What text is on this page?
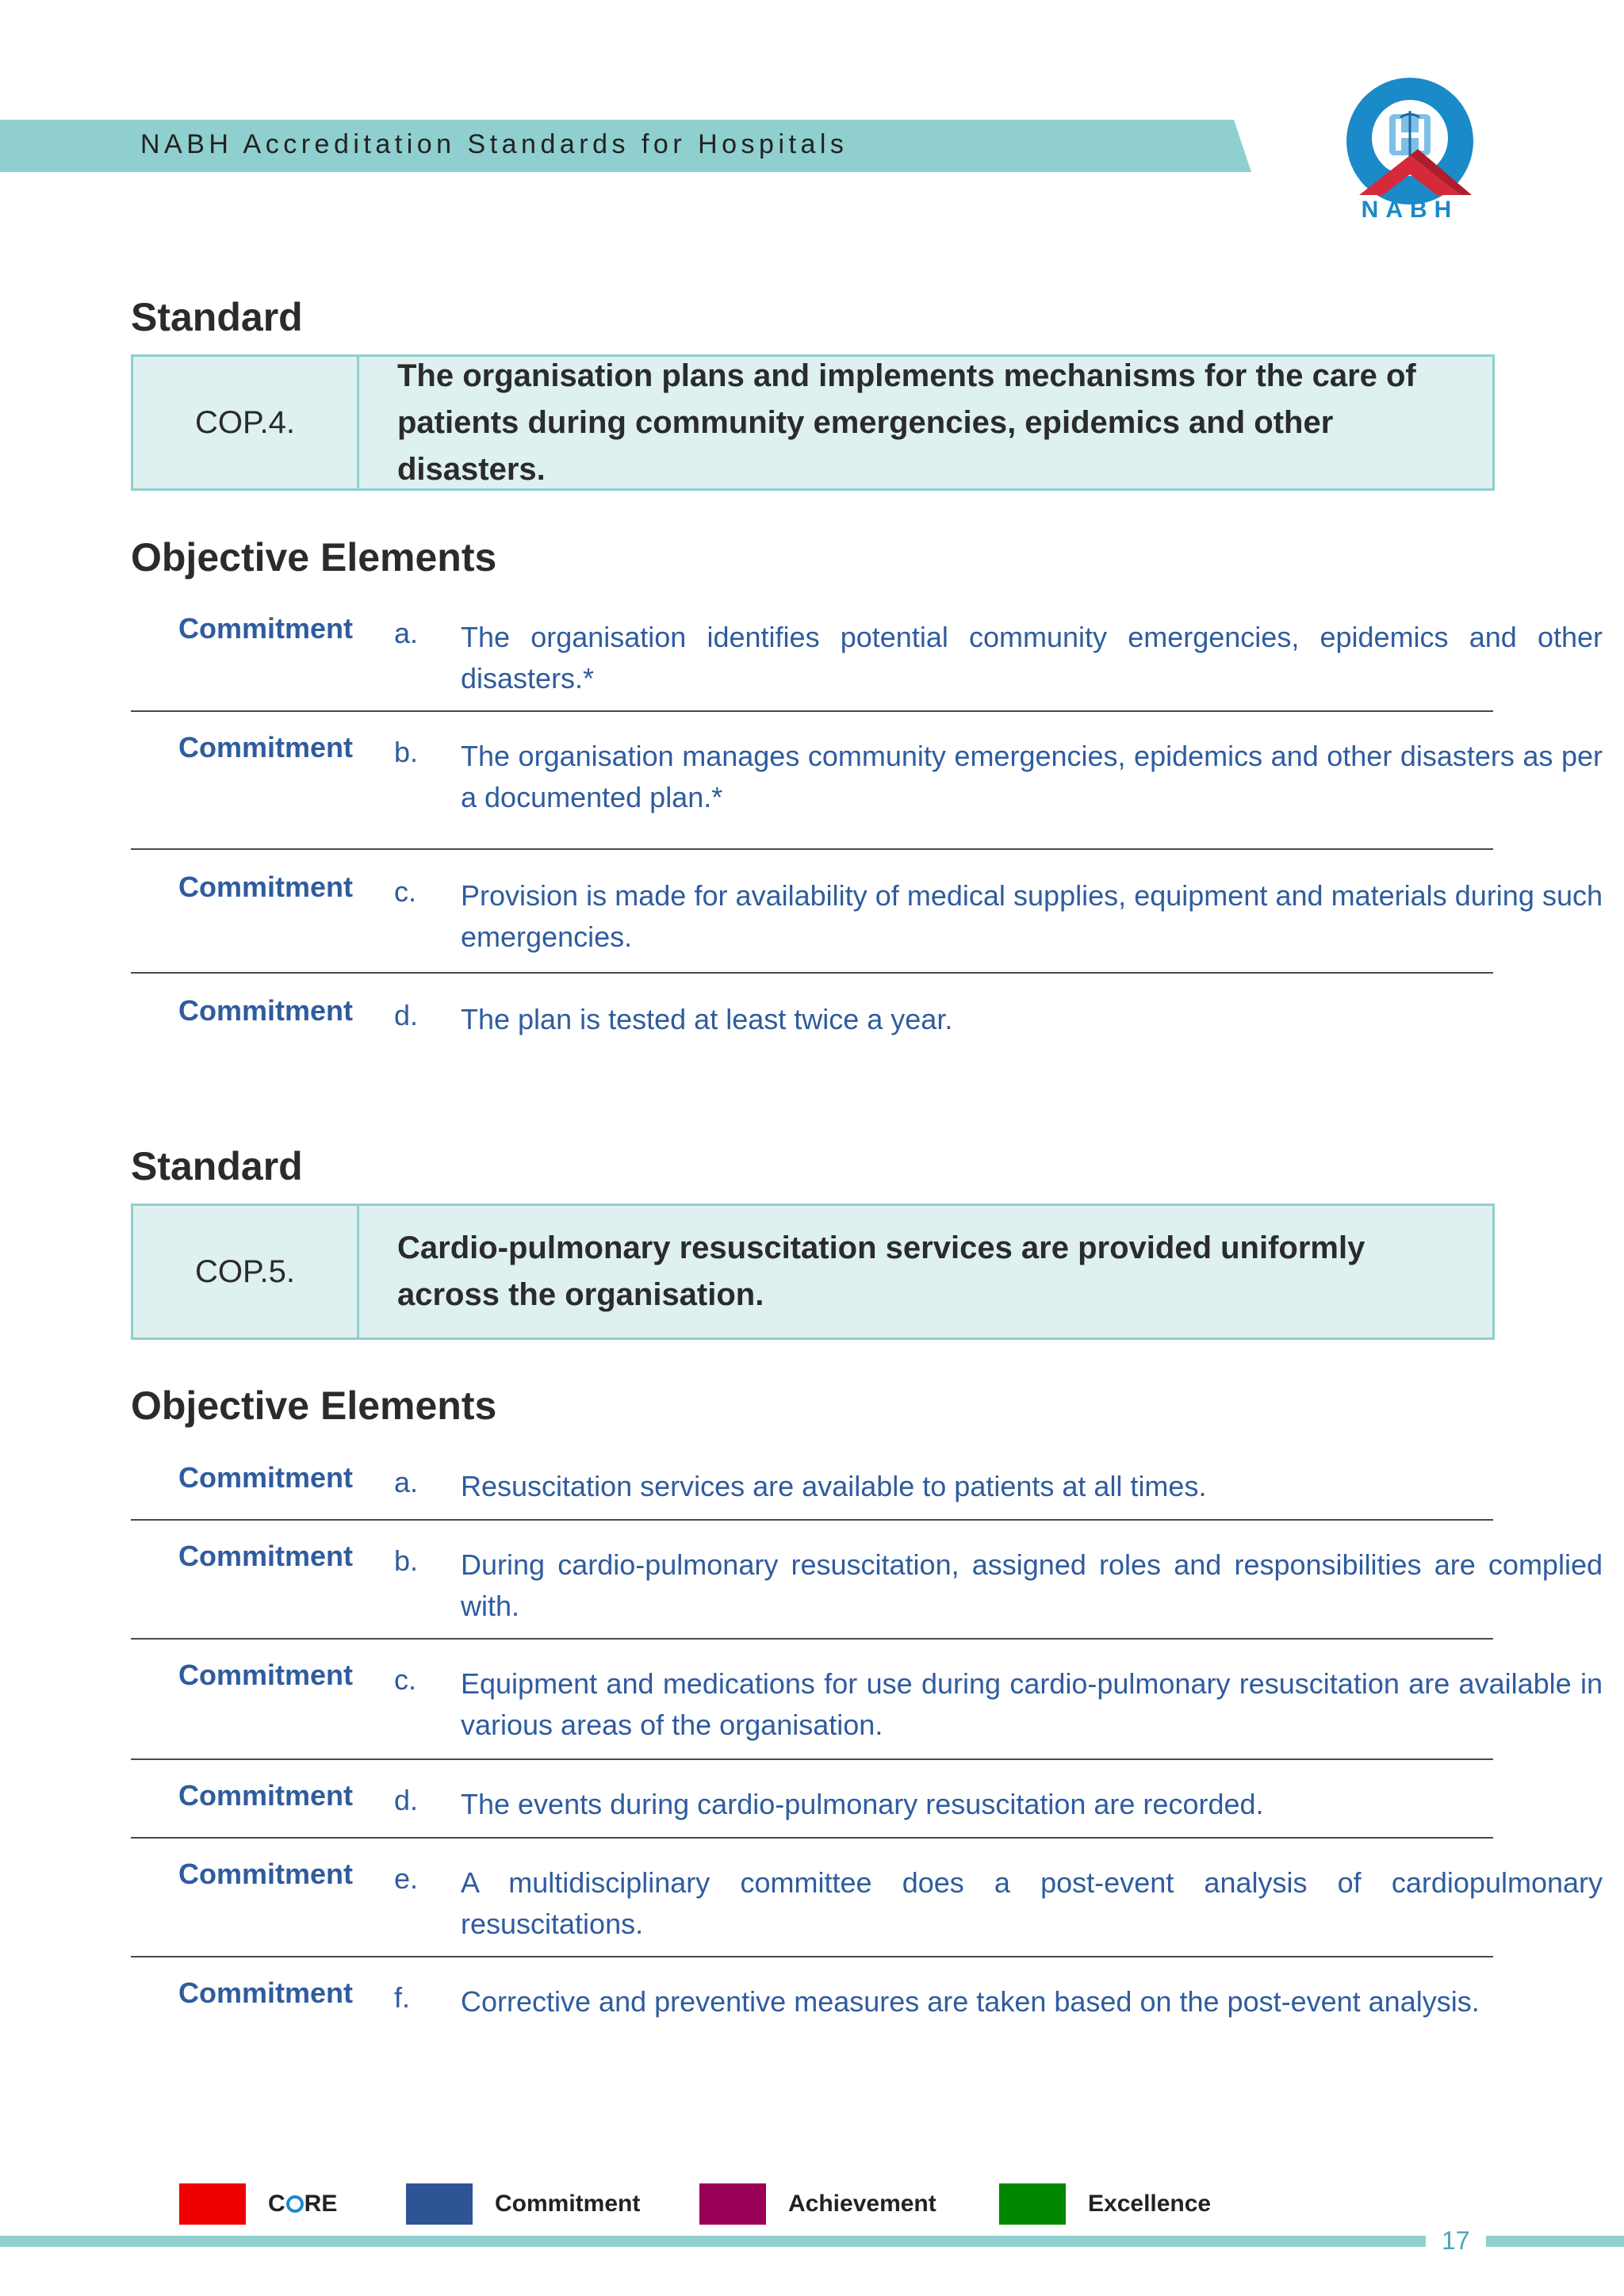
NABH Accreditation Standards for Hospitals
NABH
Standard
COP.4.
The organisation plans and implements mechanisms for the care of patients during community emergencies, epidemics and other disasters.
Objective Elements
Commitment a. The organisation identifies potential community emergencies, epidemics and other disasters.*
Commitment b. The organisation manages community emergencies, epidemics and other disasters as per a documented plan.*
Commitment c. Provision is made for availability of medical supplies, equipment and materials during such emergencies.
Commitment d. The plan is tested at least twice a year.
Standard
COP.5.
Cardio-pulmonary resuscitation services are provided uniformly across the organisation.
Objective Elements
Commitment a. Resuscitation services are available to patients at all times.
Commitment b. During cardio-pulmonary resuscitation, assigned roles and responsibilities are complied with.
Commitment c. Equipment and medications for use during cardio-pulmonary resuscitation are available in various areas of the organisation.
Commitment d. The events during cardio-pulmonary resuscitation are recorded.
Commitment e. A multidisciplinary committee does a post-event analysis of cardiopulmonary resuscitations.
Commitment f. Corrective and preventive measures are taken based on the post-event analysis.
C RE	Commitment	Achievement	Excellence
17
